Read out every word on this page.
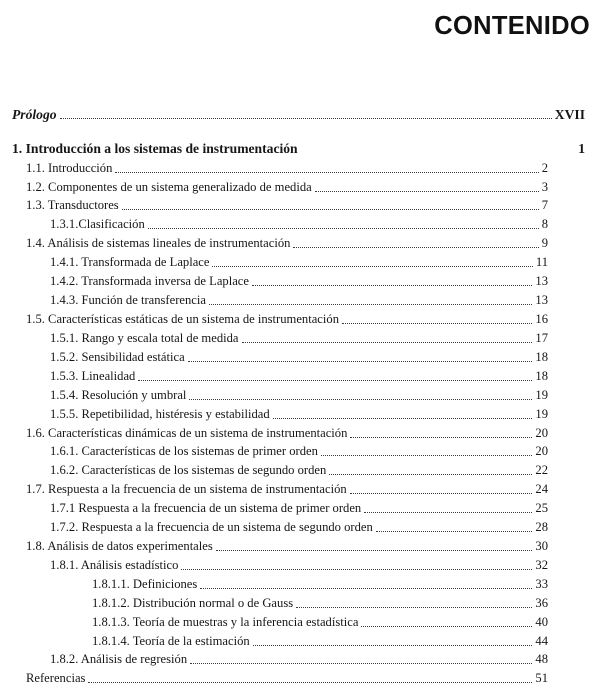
CONTENIDO
Prólogo	XVII
1. Introducción a los sistemas de instrumentación	1
1.1. Introducción	2
1.2. Componentes de un sistema generalizado de medida	3
1.3. Transductores	7
1.3.1.Clasificación	8
1.4. Análisis de sistemas lineales de instrumentación	9
1.4.1. Transformada de Laplace	11
1.4.2. Transformada inversa de Laplace	13
1.4.3. Función de transferencia	13
1.5. Características estáticas de un sistema de instrumentación	16
1.5.1. Rango y escala total de medida	17
1.5.2. Sensibilidad estática	18
1.5.3. Linealidad	18
1.5.4. Resolución y umbral	19
1.5.5. Repetibilidad, histéresis y estabilidad	19
1.6. Características dinámicas de un sistema de instrumentación	20
1.6.1. Características de los sistemas de primer orden	20
1.6.2. Características de los sistemas de segundo orden	22
1.7. Respuesta a la frecuencia de un sistema de instrumentación	24
1.7.1 Respuesta a la frecuencia de un sistema de primer orden	25
1.7.2. Respuesta a la frecuencia de un sistema de segundo orden	28
1.8. Análisis de datos experimentales	30
1.8.1. Análisis estadístico	32
1.8.1.1. Definiciones	33
1.8.1.2. Distribución normal o de Gauss	36
1.8.1.3. Teoría de muestras y la inferencia estadística	40
1.8.1.4. Teoría de la estimación	44
1.8.2. Análisis de regresión	48
Referencias	51
